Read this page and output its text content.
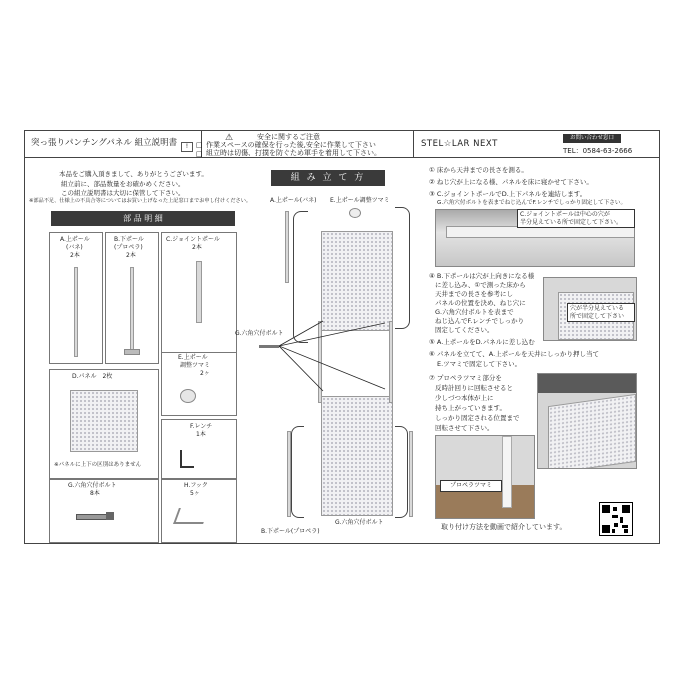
突っ張りパンチングパネル 組立説明書	⚠	安全に関するご注意
!	□ 作業スペースの確保を行った後,安全に作業して下さい
□ 組立時は切傷、打撲を防ぐため軍手を着用して下さい。
STEL☆LAR NEXT
お問い合わせ窓口
TEL：0584-63-2666
本品をご購入頂きまして、ありがとうございます。
組立前に、部品数量をお確かめください。
この組立説明書は大切に保管して下さい。
※部品不足、仕様上の不具合等についてはお買い上げなった上記窓口までお申し付けください。
部 品 明 細
A.上ポール
(バネ)
2本
B.下ポール
(プロペラ)
2本
C.ジョイントポール
2本
E.上ポール
調整ツマミ
2ヶ
D.パネル　2枚
※パネルに上下の区別はありません
F.レンチ
1本
G.六角穴付ボルト
8本
H.フック
5ヶ
組 み 立 て 方
A.上ポール(バネ) E.上ポール調整ツマミ
G.六角穴付ボルト
G.六角穴付ボルト
B.下ポール(プロペラ)
① 床から天井までの長さを測る。
② ねじ穴が上になる様、パネルを床に寝かせて下さい。
③ C.ジョイントポールでD.上下パネルを連結します。
G.六角穴付ボルトを表までねじ込んでF.レンチでしっかり固定して下さい。
C.ジョイントポールは中心の穴が
半分見えている所で固定して下さい。
④ B.下ポールは穴が上向きになる様
に差し込み、①で測った床から
天井までの長さを参考にし
パネルの位置を決め、ねじ穴に
G.六角穴付ボルトを表まで
ねじ込んでF.レンチでしっかり
固定してください。
穴が半分見えている
所で固定して下さい
⑤ A.上ポールをD.パネルに差し込む
⑥ パネルを立てて、A.上ポールを天井にしっかり押し当て
E.ツマミで固定して下さい。
⑦ プロペラツマミ部分を
反時計回りに回転させると
少しづつ本体が上に
持ち上がっていきます。
しっかり固定される位置まで
回転させて下さい。
プロペラツマミ
取り付け方法を動画で紹介しています。
